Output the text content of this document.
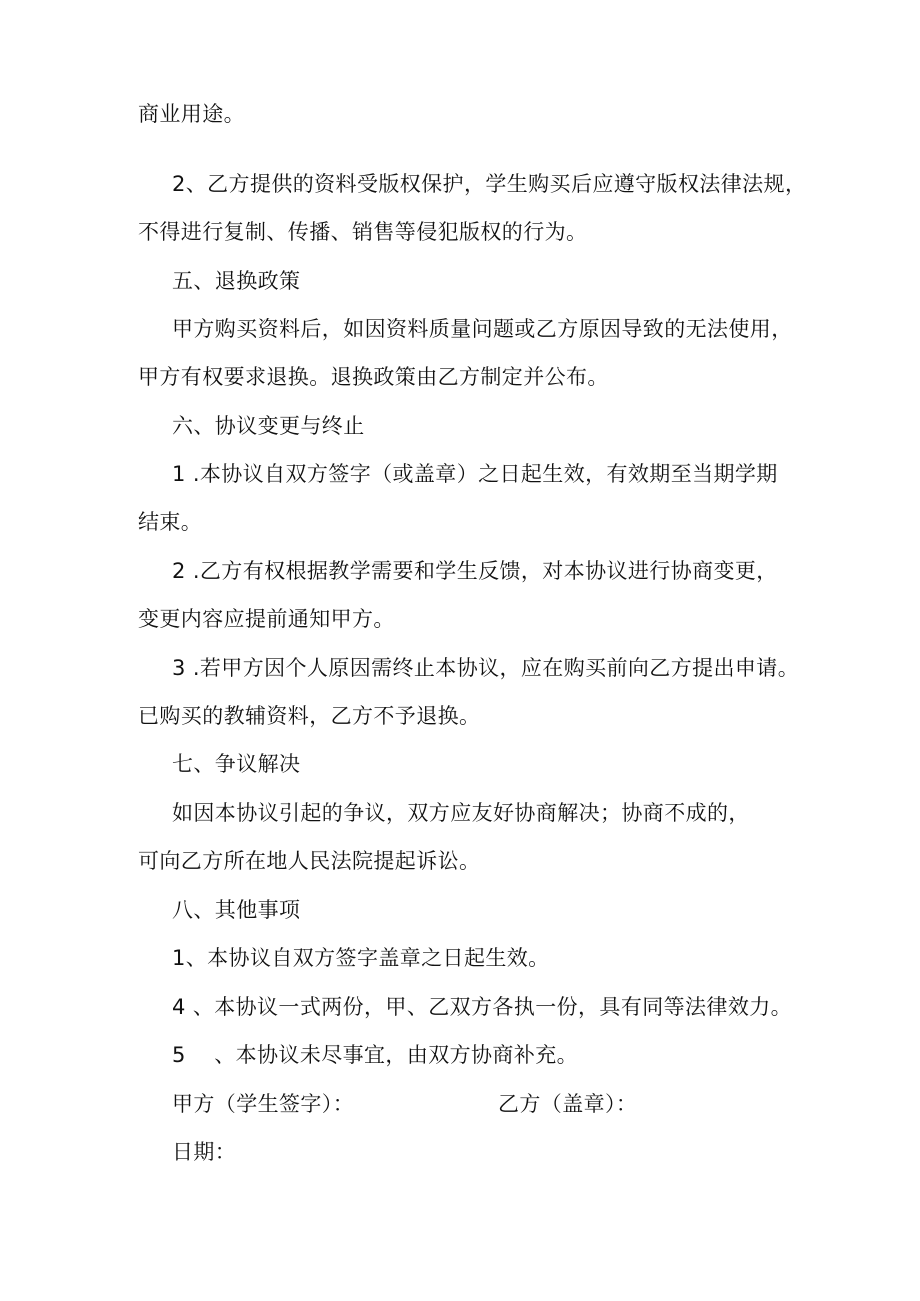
商业用途。
2、乙方提供的资料受版权保护，学生购买后应遵守版权法律法规，
不得进行复制、传播、销售等侵犯版权的行为。
五、退换政策
甲方购买资料后，如因资料质量问题或乙方原因导致的无法使用，
甲方有权要求退换。退换政策由乙方制定并公布。
六、协议变更与终止
1 .本协议自双方签字（或盖章）之日起生效，有效期至当期学期
结束。
2 .乙方有权根据教学需要和学生反馈，对本协议进行协商变更，
变更内容应提前通知甲方。
3 .若甲方因个人原因需终止本协议，应在购买前向乙方提出申请。
已购买的教辅资料，乙方不予退换。
七、争议解决
如因本协议引起的争议，双方应友好协商解决；协商不成的，
可向乙方所在地人民法院提起诉讼。
八、其他事项
1、本协议自双方签字盖章之日起生效。
4 、本协议一式两份，甲、乙双方各执一份，具有同等法律效力。
5　 、本协议未尽事宜，由双方协商补充。
甲方（学生签字）：	乙方（盖章）：
日期：
